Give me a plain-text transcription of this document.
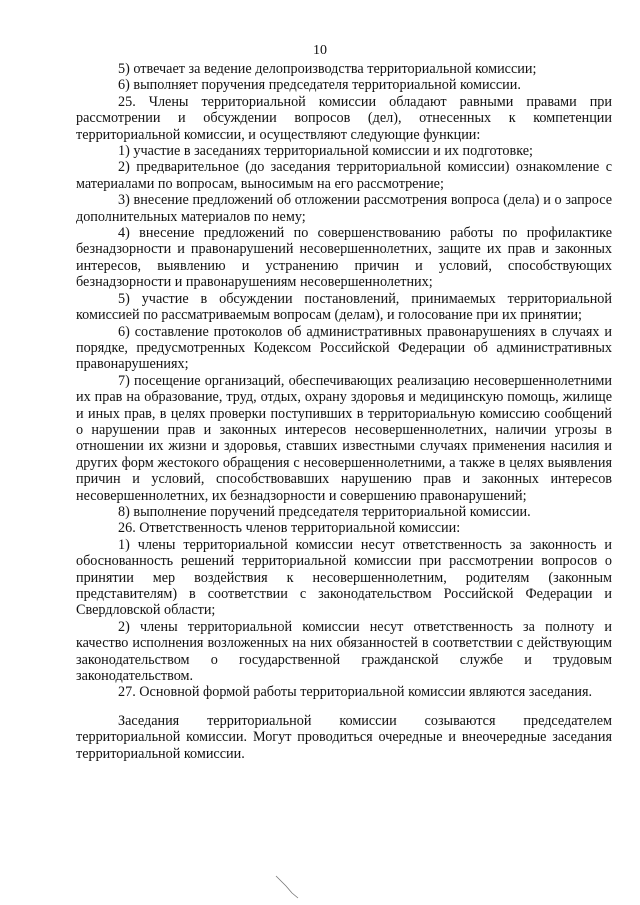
10

5) отвечает за ведение делопроизводства территориальной комиссии;

6) выполняет поручения председателя территориальной комиссии.

25. Члены территориальной комиссии обладают равными правами при рассмотрении и обсуждении вопросов (дел), отнесенных к компетенции территориальной комиссии, и осуществляют следующие функции:

1) участие в заседаниях территориальной комиссии и их подготовке;

2) предварительное (до заседания территориальной комиссии) ознакомление с материалами по вопросам, выносимым на его рассмотрение;

3) внесение предложений об отложении рассмотрения вопроса (дела) и о запросе дополнительных материалов по нему;

4) внесение предложений по совершенствованию работы по профилактике безнадзорности и правонарушений несовершеннолетних, защите их прав и законных интересов, выявлению и устранению причин и условий, способствующих безнадзорности и правонарушениям несовершеннолетних;

5) участие в обсуждении постановлений, принимаемых территориальной комиссией по рассматриваемым вопросам (делам), и голосование при их принятии;

6) составление протоколов об административных правонарушениях в случаях и порядке, предусмотренных Кодексом Российской Федерации об административных правонарушениях;

7) посещение организаций, обеспечивающих реализацию несовершеннолетними их прав на образование, труд, отдых, охрану здоровья и медицинскую помощь, жилище и иных прав, в целях проверки поступивших в территориальную комиссию сообщений о нарушении прав и законных интересов несовершеннолетних, наличии угрозы в отношении их жизни и здоровья, ставших известными случаях применения насилия и других форм жестокого обращения с несовершеннолетними, а также в целях выявления причин и условий, способствовавших нарушению прав и законных интересов несовершеннолетних, их безнадзорности и совершению правонарушений;

8) выполнение поручений председателя территориальной комиссии.

26. Ответственность членов территориальной комиссии:

1) члены территориальной комиссии несут ответственность за законность и обоснованность решений территориальной комиссии при рассмотрении вопросов о принятии мер воздействия к несовершеннолетним, родителям (законным представителям) в соответствии с законодательством Российской Федерации и Свердловской области;

2) члены территориальной комиссии несут ответственность за полноту и качество исполнения возложенных на них обязанностей в соответствии с действующим законодательством о государственной гражданской службе и трудовым законодательством.

27. Основной формой работы территориальной комиссии являются заседания.

Заседания территориальной комиссии созываются председателем территориальной комиссии. Могут проводиться очередные и внеочередные заседания территориальной комиссии.
